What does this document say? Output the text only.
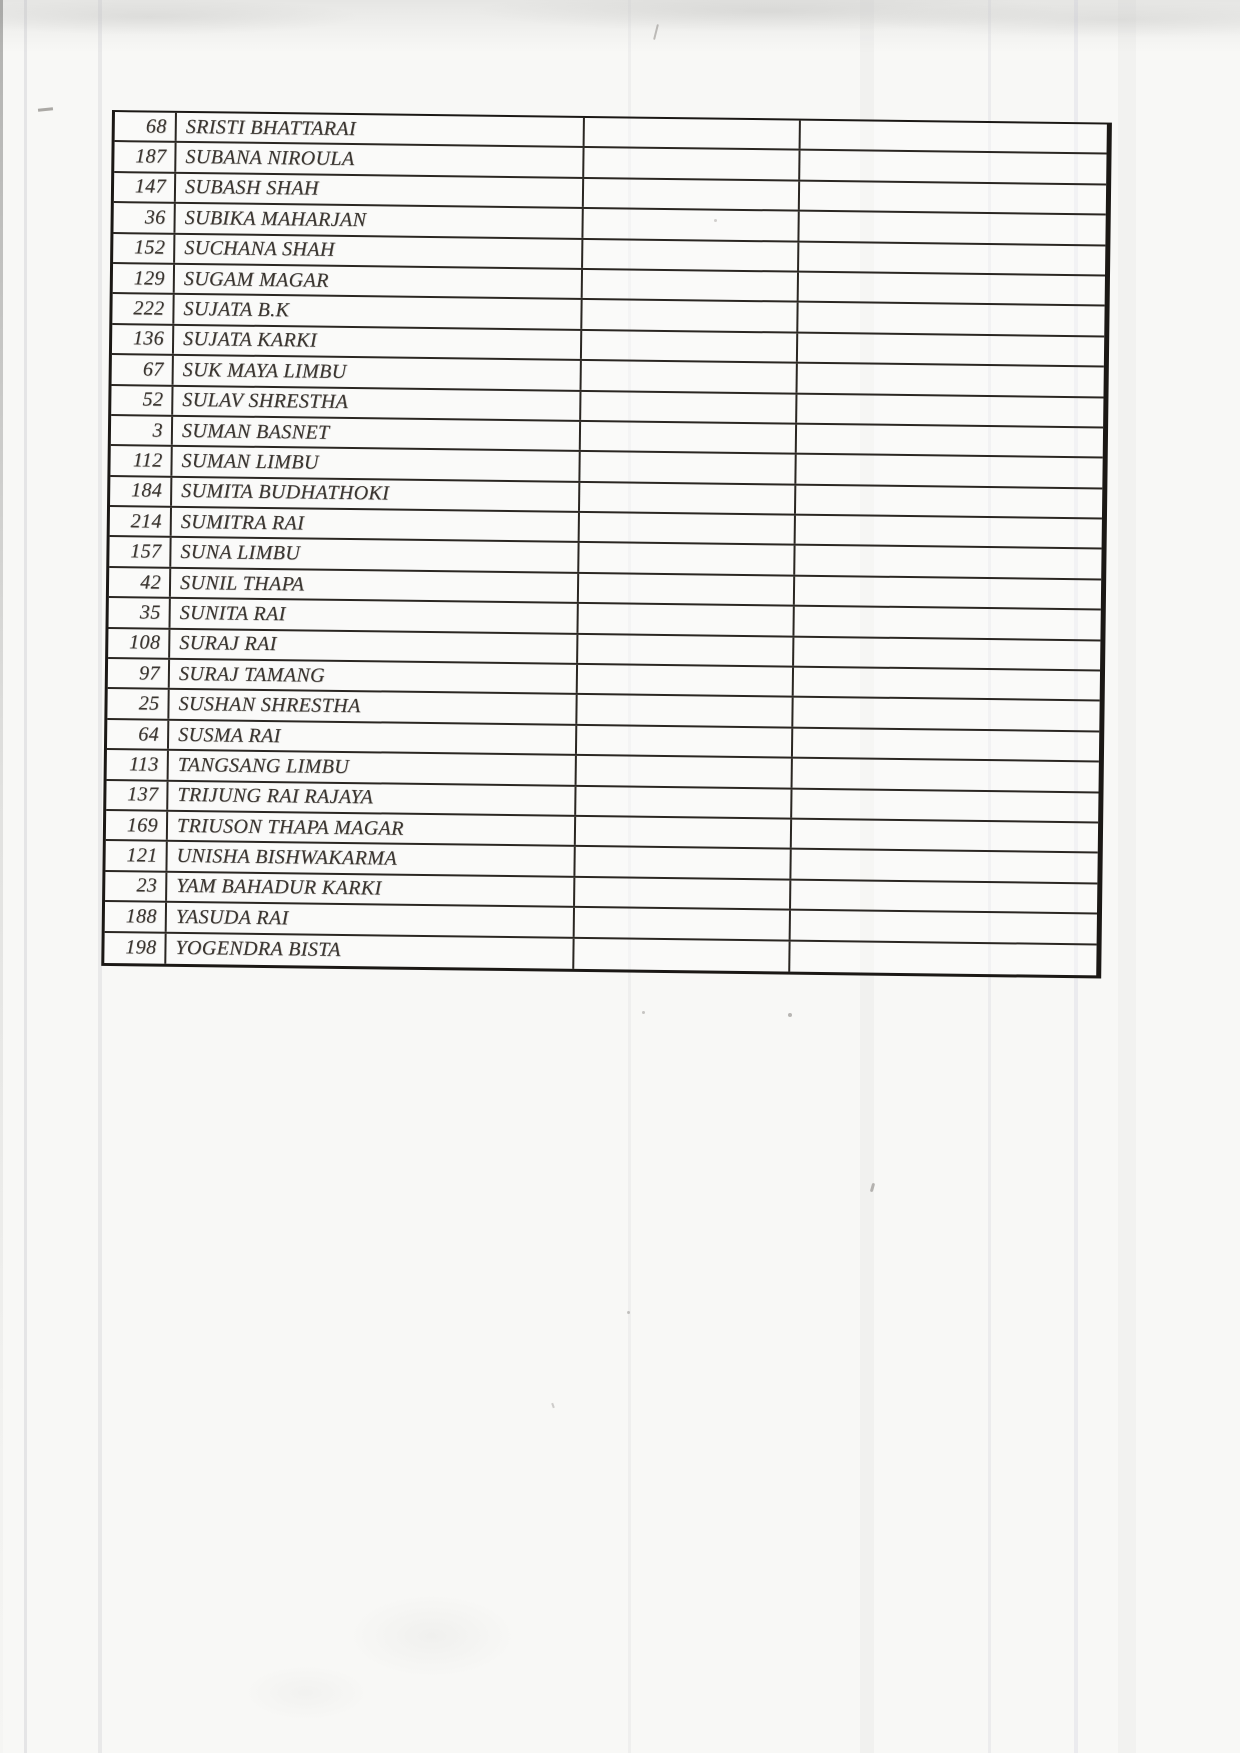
68 SRISTI BHATTARAI
187 SUBANA NIROULA
147 SUBASH SHAH
36 SUBIKA MAHARJAN
152 SUCHANA SHAH
129 SUGAM MAGAR
222 SUJATA B.K
136 SUJATA KARKI
67 SUK MAYA LIMBU
52 SULAV SHRESTHA
3 SUMAN BASNET
112 SUMAN LIMBU
184 SUMITA BUDHATHOKI
214 SUMITRA RAI
157 SUNA LIMBU
42 SUNIL THAPA
35 SUNITA RAI
108 SURAJ RAI
97 SURAJ TAMANG
25 SUSHAN SHRESTHA
64 SUSMA RAI
113 TANGSANG LIMBU
137 TRIJUNG RAI RAJAYA
169 TRIUSON THAPA MAGAR
121 UNISHA BISHWAKARMA
23 YAM BAHADUR KARKI
188 YASUDA RAI
198 YOGENDRA BISTA
